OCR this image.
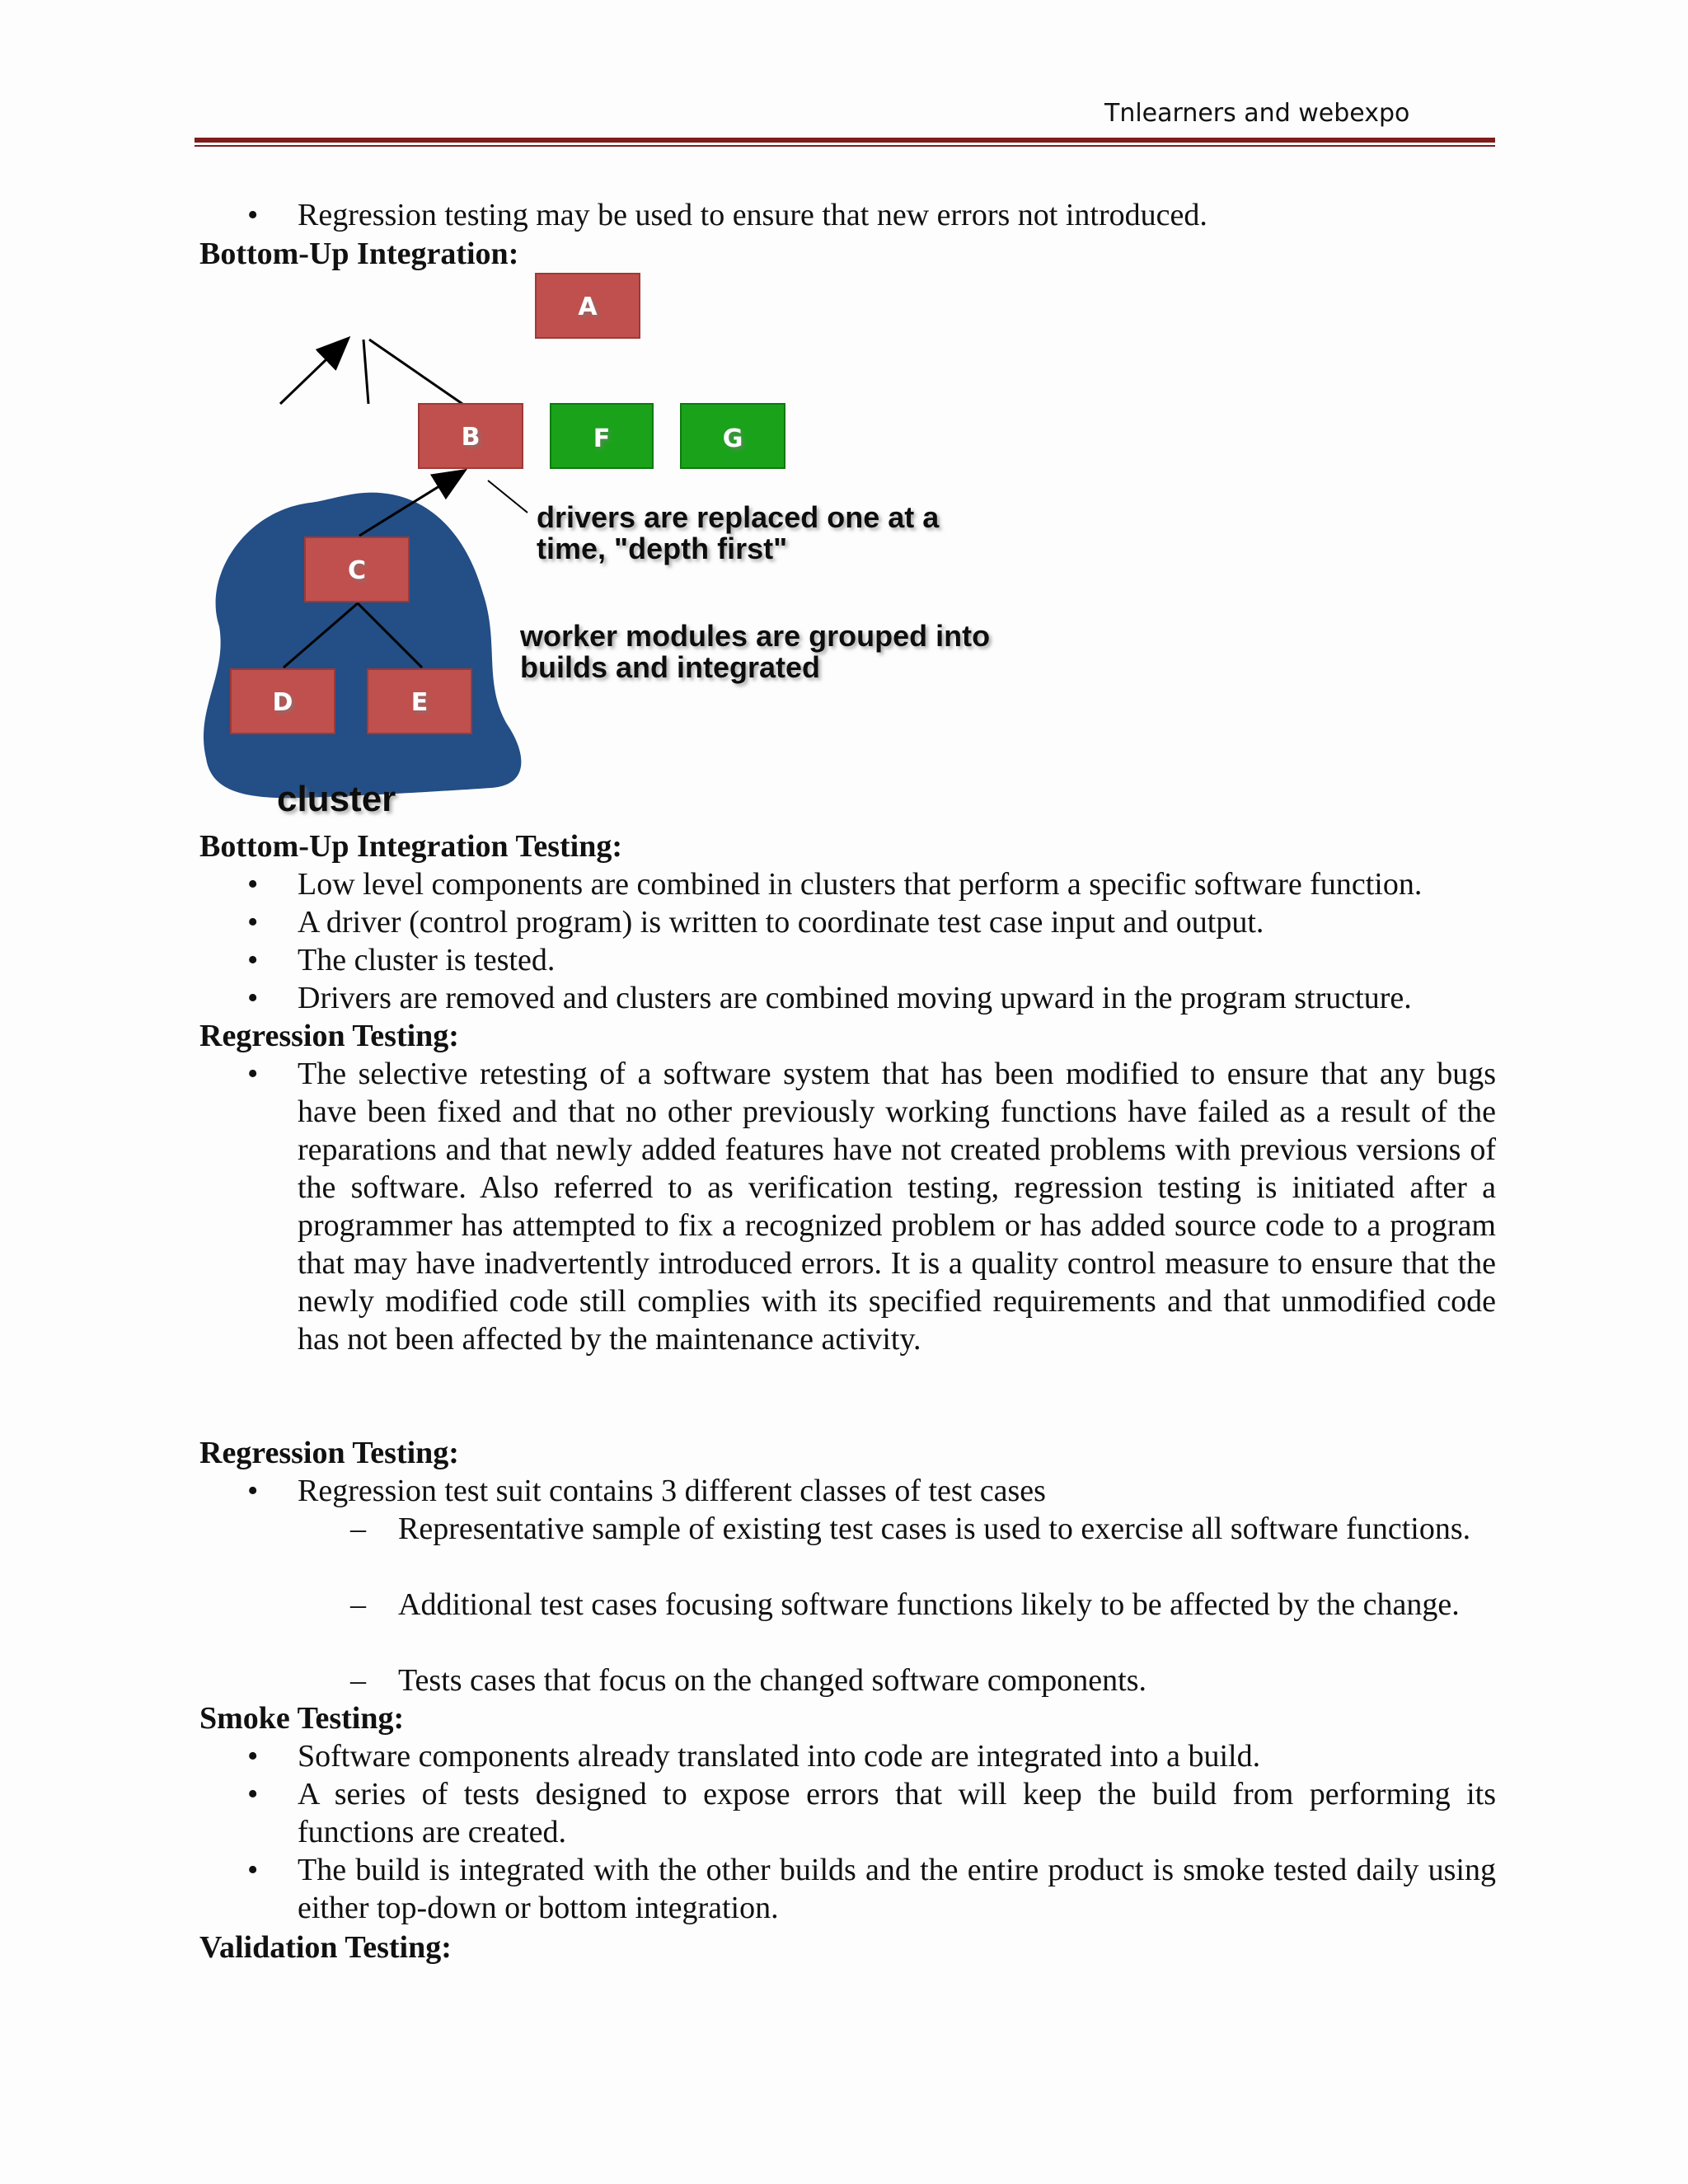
Tnlearners and webexpo
• Regression testing may be used to ensure that new errors not introduced.
Bottom-Up Integration:
A
B	F	G
C
D	E
drivers are replaced one at a
time, "depth first"
worker modules are grouped into
builds and integrated
cluster
Bottom-Up Integration Testing:
• Low level components are combined in clusters that perform a specific software function.
• A driver (control program) is written to coordinate test case input and output.
• The cluster is tested.
• Drivers are removed and clusters are combined moving upward in the program structure.
Regression Testing:
• The selective retesting of a software system that has been modified to ensure that any bugs have been fixed and that no other previously working functions have failed as a result of the reparations and that newly added features have not created problems with previous versions of the software. Also referred to as verification testing, regression testing is initiated after a programmer has attempted to fix a recognized problem or has added source code to a program that may have inadvertently introduced errors. It is a quality control measure to ensure that the newly modified code still complies with its specified requirements and that unmodified code has not been affected by the maintenance activity.
Regression Testing:
• Regression test suit contains 3 different classes of test cases
– Representative sample of existing test cases is used to exercise all software functions.
– Additional test cases focusing software functions likely to be affected by the change.
– Tests cases that focus on the changed software components.
Smoke Testing:
• Software components already translated into code are integrated into a build.
• A series of tests designed to expose errors that will keep the build from performing its functions are created.
• The build is integrated with the other builds and the entire product is smoke tested daily using either top-down or bottom integration.
Validation Testing:
